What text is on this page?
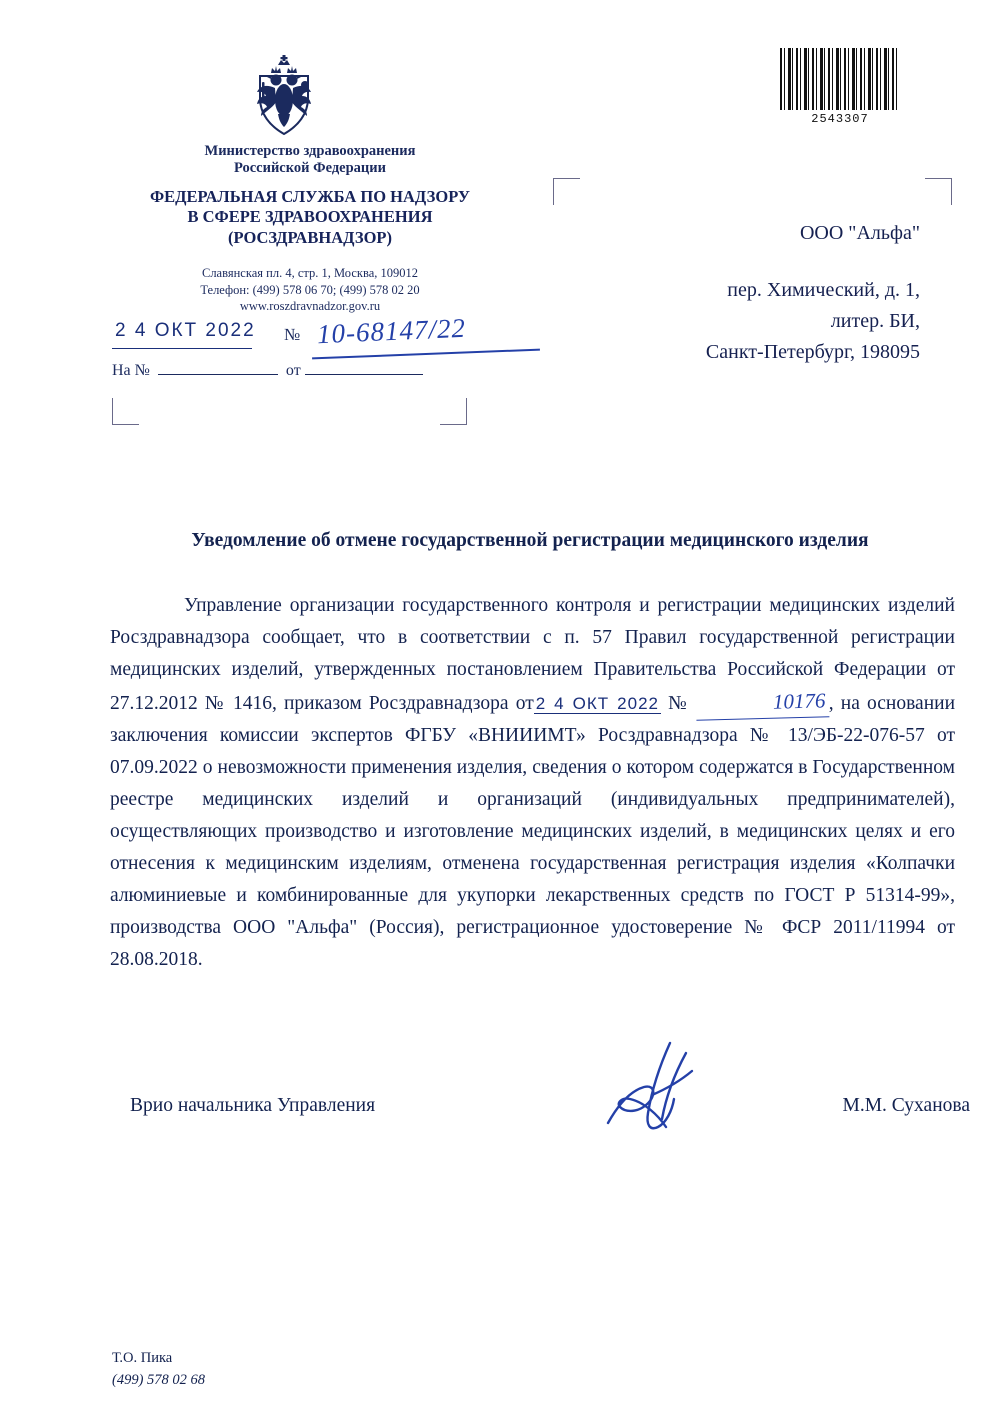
2543307
Министерство здравоохранения
Российской Федерации
ФЕДЕРАЛЬНАЯ СЛУЖБА ПО НАДЗОРУ
В СФЕРЕ ЗДРАВООХРАНЕНИЯ
(РОСЗДРАВНАДЗОР)
Славянская пл. 4, стр. 1, Москва, 109012
Телефон: (499) 578 06 70; (499) 578 02 20
www.roszdravnadzor.gov.ru
2 4 ОКТ 2022 № 10-68147/22
На №	от
ООО "Альфа"
пер. Химический, д. 1,
литер. БИ,
Санкт-Петербург, 198095
Уведомление об отмене государственной регистрации медицинского изделия

Управление организации государственного контроля и регистрации медицинских изделий Росздравнадзора сообщает, что в соответствии с п. 57 Правил государственной регистрации медицинских изделий, утвержденных постановлением Правительства Российской Федерации от 27.12.2012 № 1416, приказом Росздравнадзора от 2 4 ОКТ 2022 №	10176 , на основании заключения комиссии экспертов ФГБУ «ВНИИИМТ» Росздравнадзора № 13/ЭБ-22-076-57 от 07.09.2022 о невозможности применения изделия, сведения о котором содержатся в Государственном реестре медицинских изделий и организаций (индивидуальных предпринимателей), осуществляющих производство и изготовление медицинских изделий, в медицинских целях и его отнесения к медицинским изделиям, отменена государственная регистрация изделия «Колпачки алюминиевые и комбинированные для укупорки лекарственных средств по ГОСТ Р 51314-99», производства ООО "Альфа" (Россия), регистрационное удостоверение № ФСР 2011/11994 от 28.08.2018.

Врио начальника Управления	М.М. Суханова
Т.О. Пика
(499) 578 02 68
